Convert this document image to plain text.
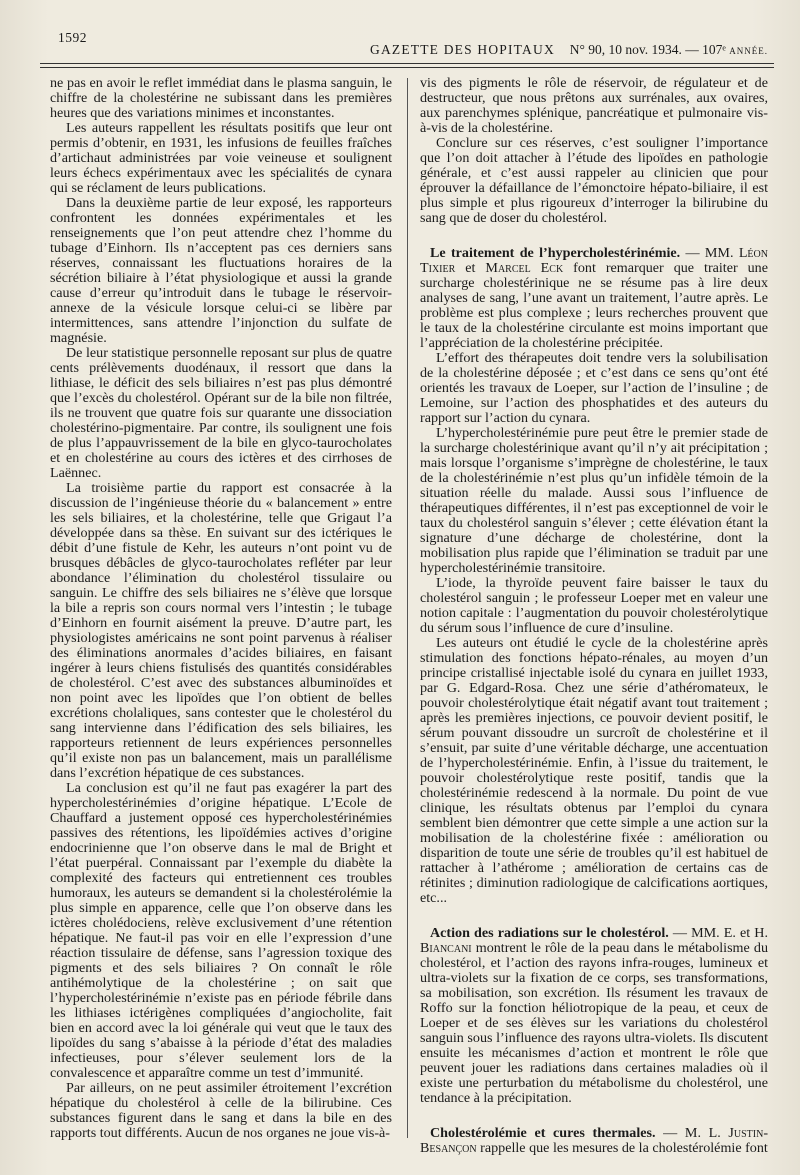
1592
GAZETTE DES HOPITAUX N° 90, 10 nov. 1934. — 107ᵉ ANNÉE.

ne pas en avoir le reflet immédiat dans le plasma sanguin, le chiffre de la cholestérine ne subissant dans les premières heures que des variations minimes et inconstantes.

Les auteurs rappellent les résultats positifs que leur ont permis d’obtenir, en 1931, les infusions de feuilles fraîches d’artichaut administrées par voie veineuse et soulignent leurs échecs expérimentaux avec les spécialités de cynara qui se réclament de leurs publications.

Dans la deuxième partie de leur exposé, les rapporteurs confrontent les données expérimentales et les renseignements que l’on peut attendre chez l’homme du tubage d’Einhorn. Ils n’acceptent pas ces derniers sans réserves, connaissant les fluctuations horaires de la sécrétion biliaire à l’état physiologique et aussi la grande cause d’erreur qu’introduit dans le tubage le réservoir-annexe de la vésicule lorsque celui-ci se libère par intermittences, sans attendre l’injonction du sulfate de magnésie.

De leur statistique personnelle reposant sur plus de quatre cents prélèvements duodénaux, il ressort que dans la lithiase, le déficit des sels biliaires n’est pas plus démontré que l’excès du cholestérol. Opérant sur de la bile non filtrée, ils ne trouvent que quatre fois sur quarante une dissociation cholestérino-pigmentaire. Par contre, ils soulignent une fois de plus l’appauvrissement de la bile en glyco-taurocholates et en cholestérine au cours des ictères et des cirrhoses de Laënnec.

La troisième partie du rapport est consacrée à la discussion de l’ingénieuse théorie du « balancement » entre les sels biliaires, et la cholestérine, telle que Grigaut l’a développée dans sa thèse. En suivant sur des ictériques le débit d’une fistule de Kehr, les auteurs n’ont point vu de brusques débâcles de glyco-taurocholates refléter par leur abondance l’élimination du cholestérol tissulaire ou sanguin. Le chiffre des sels biliaires ne s’élève que lorsque la bile a repris son cours normal vers l’intestin ; le tubage d’Einhorn en fournit aisément la preuve. D’autre part, les physiologistes américains ne sont point parvenus à réaliser des éliminations anormales d’acides biliaires, en faisant ingérer à leurs chiens fistulisés des quantités considérables de cholestérol. C’est avec des substances albuminoïdes et non point avec les lipoïdes que l’on obtient de belles excrétions cholaliques, sans contester que le cholestérol du sang intervienne dans l’édification des sels biliaires, les rapporteurs retiennent de leurs expériences personnelles qu’il existe non pas un balancement, mais un parallélisme dans l’excrétion hépatique de ces substances.

La conclusion est qu’il ne faut pas exagérer la part des hypercholestérinémies d’origine hépatique. L’Ecole de Chauffard a justement opposé ces hypercholestérinémies passives des rétentions, les lipoïdémies actives d’origine endocrinienne que l’on observe dans le mal de Bright et l’état puerpéral. Connaissant par l’exemple du diabète la complexité des facteurs qui entretiennent ces troubles humoraux, les auteurs se demandent si la cholestérolémie la plus simple en apparence, celle que l’on observe dans les ictères cholédociens, relève exclusivement d’une rétention hépatique. Ne faut-il pas voir en elle l’expression d’une réaction tissulaire de défense, sans l’agression toxique des pigments et des sels biliaires ? On connaît le rôle antihémolytique de la cholestérine ; on sait que l’hypercholestérinémie n’existe pas en période fébrile dans les lithiases ictérigènes compliquées d’angiocholite, fait bien en accord avec la loi générale qui veut que le taux des lipoïdes du sang s’abaisse à la période d’état des maladies infectieuses, pour s’élever seulement lors de la convalescence et apparaître comme un test d’immunité.

Par ailleurs, on ne peut assimiler étroitement l’excrétion hépatique du cholestérol à celle de la bilirubine. Ces substances figurent dans le sang et dans la bile en des rapports tout différents. Aucun de nos organes ne joue vis-à-

vis des pigments le rôle de réservoir, de régulateur et de destructeur, que nous prêtons aux surrénales, aux ovaires, aux parenchymes splénique, pancréatique et pulmonaire vis-à-vis de la cholestérine.

Conclure sur ces réserves, c’est souligner l’importance que l’on doit attacher à l’étude des lipoïdes en pathologie générale, et c’est aussi rappeler au clinicien que pour éprouver la défaillance de l’émonctoire hépato-biliaire, il est plus simple et plus rigoureux d’interroger la bilirubine du sang que de doser du cholestérol.

Le traitement de l’hypercholestérinémie. — MM. Léon Tixier et Marcel Eck font remarquer que traiter une surcharge cholestérinique ne se résume pas à lire deux analyses de sang, l’une avant un traitement, l’autre après. Le problème est plus complexe ; leurs recherches prouvent que le taux de la cholestérine circulante est moins important que l’appréciation de la cholestérine précipitée.

L’effort des thérapeutes doit tendre vers la solubilisation de la cholestérine déposée ; et c’est dans ce sens qu’ont été orientés les travaux de Loeper, sur l’action de l’insuline ; de Lemoine, sur l’action des phosphatides et des auteurs du rapport sur l’action du cynara.

L’hypercholestérinémie pure peut être le premier stade de la surcharge cholestérinique avant qu’il n’y ait précipitation ; mais lorsque l’organisme s’imprègne de cholestérine, le taux de la cholestérinémie n’est plus qu’un infidèle témoin de la situation réelle du malade. Aussi sous l’influence de thérapeutiques différentes, il n’est pas exceptionnel de voir le taux du cholestérol sanguin s’élever ; cette élévation étant la signature d’une décharge de cholestérine, dont la mobilisation plus rapide que l’élimination se traduit par une hypercholestérinémie transitoire.

L’iode, la thyroïde peuvent faire baisser le taux du cholestérol sanguin ; le professeur Loeper met en valeur une notion capitale : l’augmentation du pouvoir cholestérolytique du sérum sous l’influence de cure d’insuline.

Les auteurs ont étudié le cycle de la cholestérine après stimulation des fonctions hépato-rénales, au moyen d’un principe cristallisé injectable isolé du cynara en juillet 1933, par G. Edgard-Rosa. Chez une série d’athéromateux, le pouvoir cholestérolytique était négatif avant tout traitement ; après les premières injections, ce pouvoir devient positif, le sérum pouvant dissoudre un surcroît de cholestérine et il s’ensuit, par suite d’une véritable décharge, une accentuation de l’hypercholestérinémie. Enfin, à l’issue du traitement, le pouvoir cholestérolytique reste positif, tandis que la cholestérinémie redescend à la normale. Du point de vue clinique, les résultats obtenus par l’emploi du cynara semblent bien démontrer que cette simple a une action sur la mobilisation de la cholestérine fixée : amélioration ou disparition de toute une série de troubles qu’il est habituel de rattacher à l’athérome ; amélioration de certains cas de rétinites ; diminution radiologique de calcifications aortiques, etc...

Action des radiations sur le cholestérol. — MM. E. et H. Biancani montrent le rôle de la peau dans le métabolisme du cholestérol, et l’action des rayons infra-rouges, lumineux et ultra-violets sur la fixation de ce corps, ses transformations, sa mobilisation, son excrétion. Ils résument les travaux de Roffo sur la fonction héliotropique de la peau, et ceux de Loeper et de ses élèves sur les variations du cholestérol sanguin sous l’influence des rayons ultra-violets. Ils discutent ensuite les mécanismes d’action et montrent le rôle que peuvent jouer les radiations dans certaines maladies où il existe une perturbation du métabolisme du cholestérol, une tendance à la précipitation.

Cholestérolémie et cures thermales. — M. L. Justin-Besançon rappelle que les mesures de la cholestérolémie font
